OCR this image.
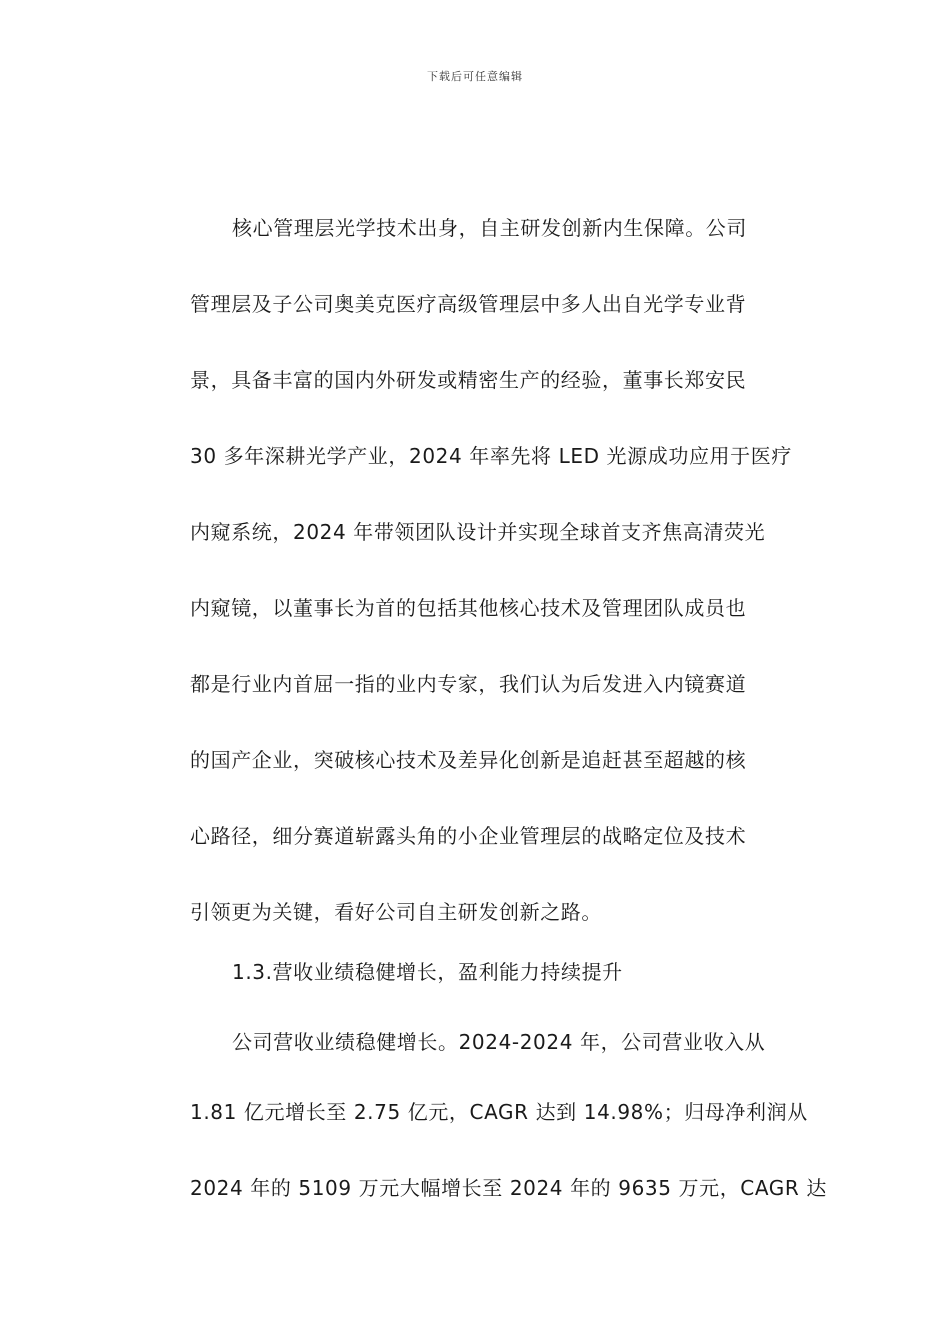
下载后可任意编辑
核心管理层光学技术出身，自主研发创新内生保障。公司
管理层及子公司奥美克医疗高级管理层中多人出自光学专业背
景，具备丰富的国内外研发或精密生产的经验，董事长郑安民
30 多年深耕光学产业，2024 年率先将 LED 光源成功应用于医疗
内窥系统，2024 年带领团队设计并实现全球首支齐焦高清荧光
内窥镜，以董事长为首的包括其他核心技术及管理团队成员也
都是行业内首屈一指的业内专家，我们认为后发进入内镜赛道
的国产企业，突破核心技术及差异化创新是追赶甚至超越的核
心路径，细分赛道崭露头角的小企业管理层的战略定位及技术
引领更为关键，看好公司自主研发创新之路。
1.3.营收业绩稳健增长，盈利能力持续提升
公司营收业绩稳健增长。2024-2024 年，公司营业收入从
1.81 亿元增长至 2.75 亿元，CAGR 达到 14.98%；归母净利润从
2024 年的 5109 万元大幅增长至 2024 年的 9635 万元，CAGR 达
